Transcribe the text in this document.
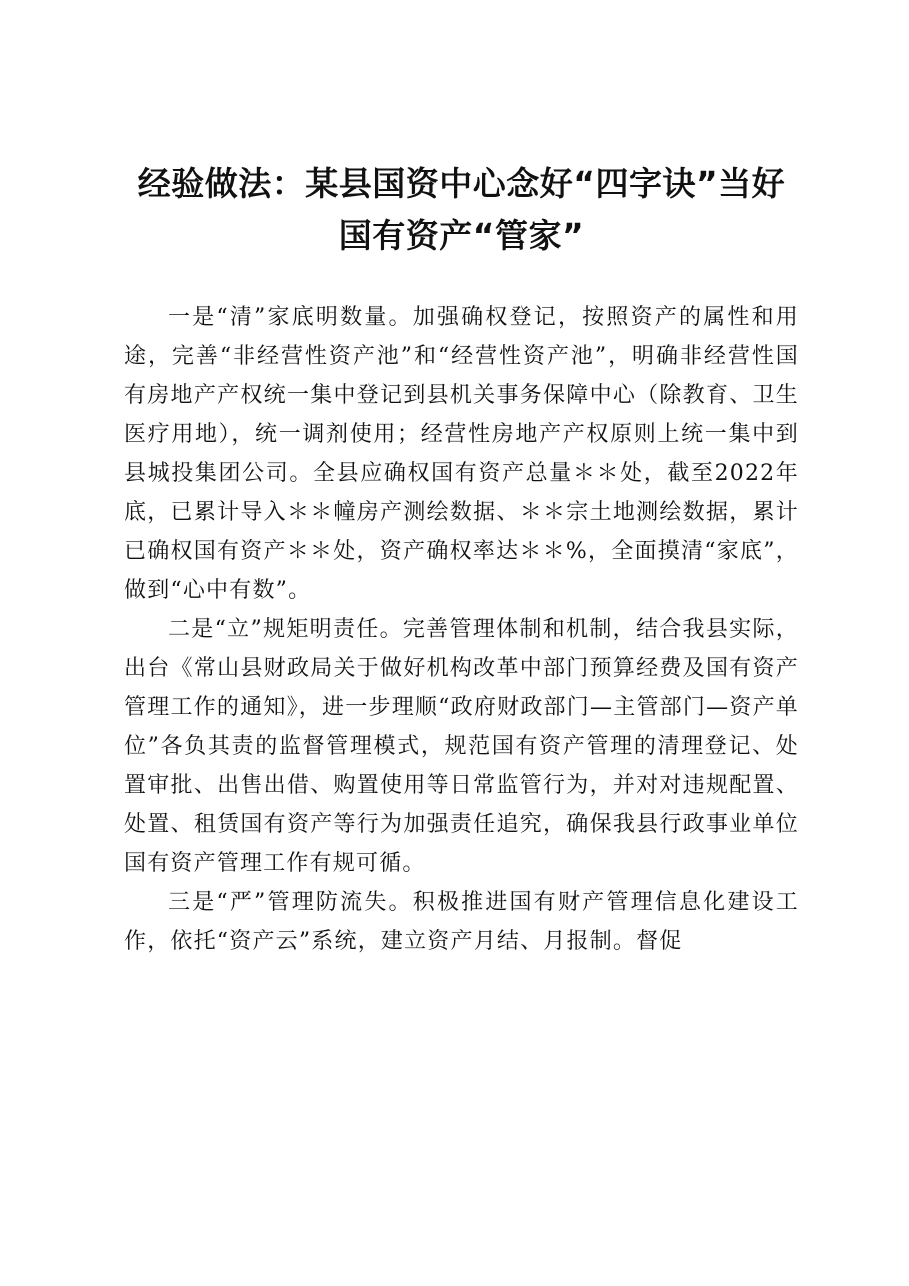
经验做法：某县国资中心念好“四字诀”当好
国有资产“管家”

一是“清”家底明数量。加强确权登记，按照资产的属性和用途，完善“非经营性资产池”和“经营性资产池”，明确非经营性国有房地产产权统一集中登记到县机关事务保障中心（除教育、卫生医疗用地），统一调剂使用；经营性房地产产权原则上统一集中到县城投集团公司。全县应确权国有资产总量＊＊处，截至2022年底，已累计导入＊＊幢房产测绘数据、＊＊宗土地测绘数据，累计已确权国有资产＊＊处，资产确权率达＊＊%，全面摸清“家底”，做到“心中有数”。

二是“立”规矩明责任。完善管理体制和机制，结合我县实际，出台《常山县财政局关于做好机构改革中部门预算经费及国有资产管理工作的通知》，进一步理顺“政府财政部门—主管部门—资产单位”各负其责的监督管理模式，规范国有资产管理的清理登记、处置审批、出售出借、购置使用等日常监管行为，并对对违规配置、处置、租赁国有资产等行为加强责任追究，确保我县行政事业单位国有资产管理工作有规可循。

三是“严”管理防流失。积极推进国有财产管理信息化建设工作，依托“资产云”系统，建立资产月结、月报制。督促
